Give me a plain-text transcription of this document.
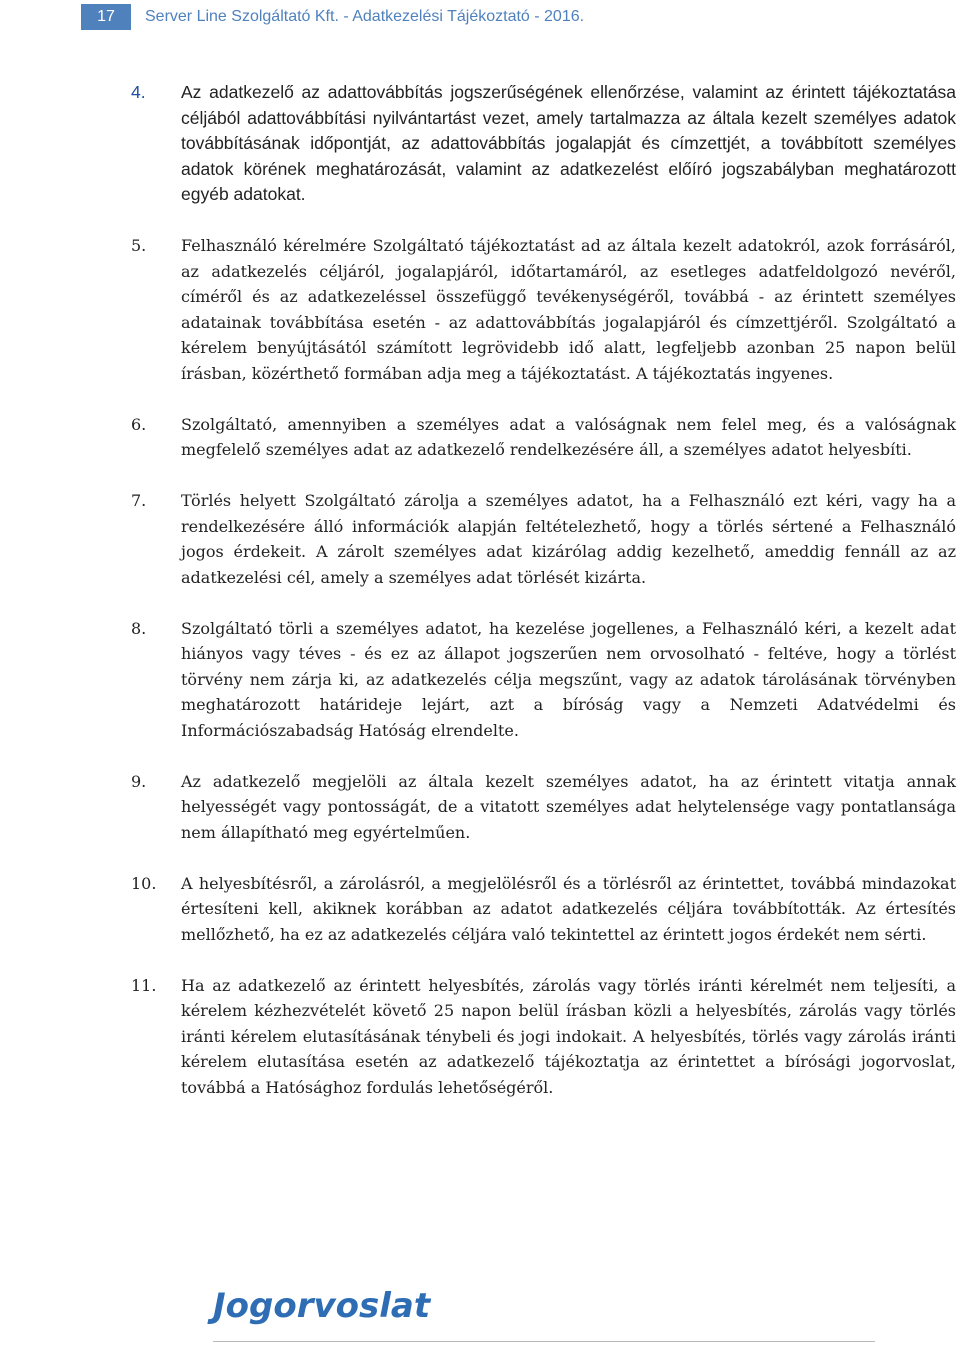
17	Server Line Szolgáltató Kft. - Adatkezelési Tájékoztató - 2016.
4.	Az adatkezelő az adattovábbítás jogszerűségének ellenőrzése, valamint az érintett tájékoztatása céljából adattovábbítási nyilvántartást vezet, amely tartalmazza az általa kezelt személyes adatok továbbításának időpontját, az adattovábbítás jogalapját és címzettjét, a továbbított személyes adatok körének meghatározását, valamint az adatkezelést előíró jogszabályban meghatározott egyéb adatokat.
5.	Felhasználó kérelmére Szolgáltató tájékoztatást ad az általa kezelt adatokról, azok forrásáról, az adatkezelés céljáról, jogalapjáról, időtartamáról, az esetleges adatfeldolgozó nevéről, címéről és az adatkezeléssel összefüggő tevékenységéről, továbbá - az érintett személyes adatainak továbbítása esetén - az adattovábbítás jogalapjáról és címzettjéről. Szolgáltató a kérelem benyújtásától számított legrövidebb idő alatt, legfeljebb azonban 25 napon belül írásban, közérthető formában adja meg a tájékoztatást. A tájékoztatás ingyenes.
6.	Szolgáltató, amennyiben a személyes adat a valóságnak nem felel meg, és a valóságnak megfelelő személyes adat az adatkezelő rendelkezésére áll, a személyes adatot helyesbíti.
7.	Törlés helyett Szolgáltató zárolja a személyes adatot, ha a Felhasználó ezt kéri, vagy ha a rendelkezésére álló információk alapján feltételezhető, hogy a törlés sértené a Felhasználó jogos érdekeit. A zárolt személyes adat kizárólag addig kezelhető, ameddig fennáll az az adatkezelési cél, amely a személyes adat törlését kizárta.
8.	Szolgáltató törli a személyes adatot, ha kezelése jogellenes, a Felhasználó kéri, a kezelt adat hiányos vagy téves - és ez az állapot jogszerűen nem orvosolható - feltéve, hogy a törlést törvény nem zárja ki, az adatkezelés célja megszűnt, vagy az adatok tárolásának törvényben meghatározott határideje lejárt, azt a bíróság vagy a Nemzeti Adatvédelmi és Információszabadság Hatóság elrendelte.
9.	Az adatkezelő megjelöli az általa kezelt személyes adatot, ha az érintett vitatja annak helyességét vagy pontosságát, de a vitatott személyes adat helytelensége vagy pontatlansága nem állapítható meg egyértelműen.
10.	A helyesbítésről, a zárolásról, a megjelölésről és a törlésről az érintettet, továbbá mindazokat értesíteni kell, akiknek korábban az adatot adatkezelés céljára továbbították. Az értesítés mellőzhető, ha ez az adatkezelés céljára való tekintettel az érintett jogos érdekét nem sérti.
11.	Ha az adatkezelő az érintett helyesbítés, zárolás vagy törlés iránti kérelmét nem teljesíti, a kérelem kézhezvételét követő 25 napon belül írásban közli a helyesbítés, zárolás vagy törlés iránti kérelem elutasításának ténybeli és jogi indokait. A helyesbítés, törlés vagy zárolás iránti kérelem elutasítása esetén az adatkezelő tájékoztatja az érintettet a bírósági jogorvoslat, továbbá a Hatósághoz fordulás lehetőségéről.
Jogorvoslat
